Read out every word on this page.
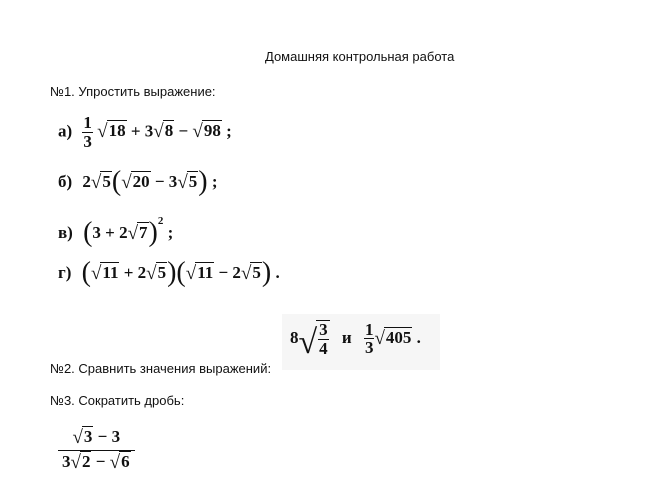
Домашняя контрольная работа
№1. Упростить выражение:
$а) \frac{1}{3} √18 + 3√8 - √98$ ;
б) 2√5(√20 − 3√5) ;
в) $(3 + 2√7)^2$ ;
г) (√11 + 2√5)(√11 − 2√5) .
№2. Сравнить значения выражений:
$8√ \frac{3}{4}$ и $\frac{1}{3} √405$ .
№3. Сократить дробь:
$\frac{√3 - 3}{3√2 - √6}$
